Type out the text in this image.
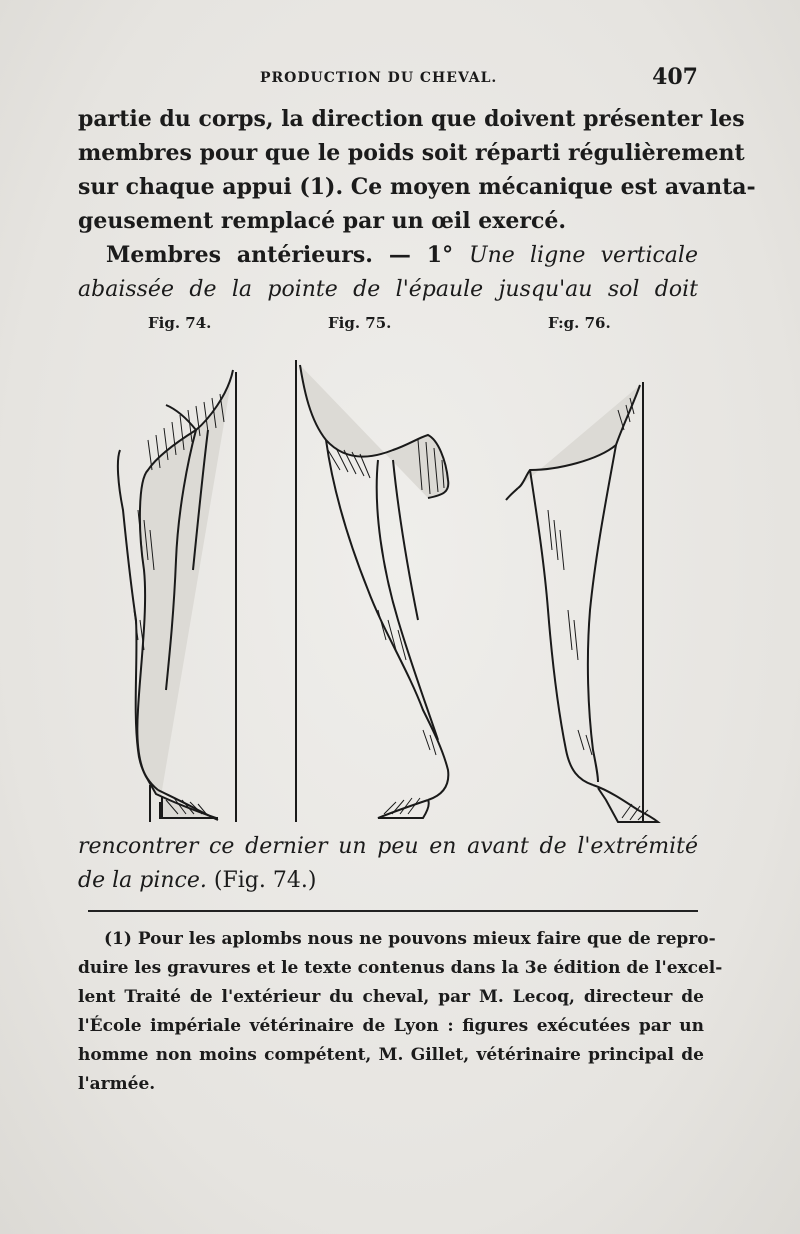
PRODUCTION DU CHEVAL.	407
partie du corps, la direction que doivent présenter les
membres pour que le poids soit réparti régulièrement
sur chaque appui (1). Ce moyen mécanique est avanta-
geusement remplacé par un œil exercé.
Membres antérieurs. — 1° Une ligne verticale
abaissée de la pointe de l'épaule jusqu'au sol doit
Fig. 74.	Fig. 75.	F:g. 76.
rencontrer ce dernier un peu en avant de l'extrémité
de la pince. (Fig. 74.)
(1) Pour les aplombs nous ne pouvons mieux faire que de repro-
duire les gravures et le texte contenus dans la 3e édition de l'excel-
lent Traité de l'extérieur du cheval, par M. Lecoq, directeur de
l'École impériale vétérinaire de Lyon : figures exécutées par un
homme non moins compétent, M. Gillet, vétérinaire principal de
l'armée.
